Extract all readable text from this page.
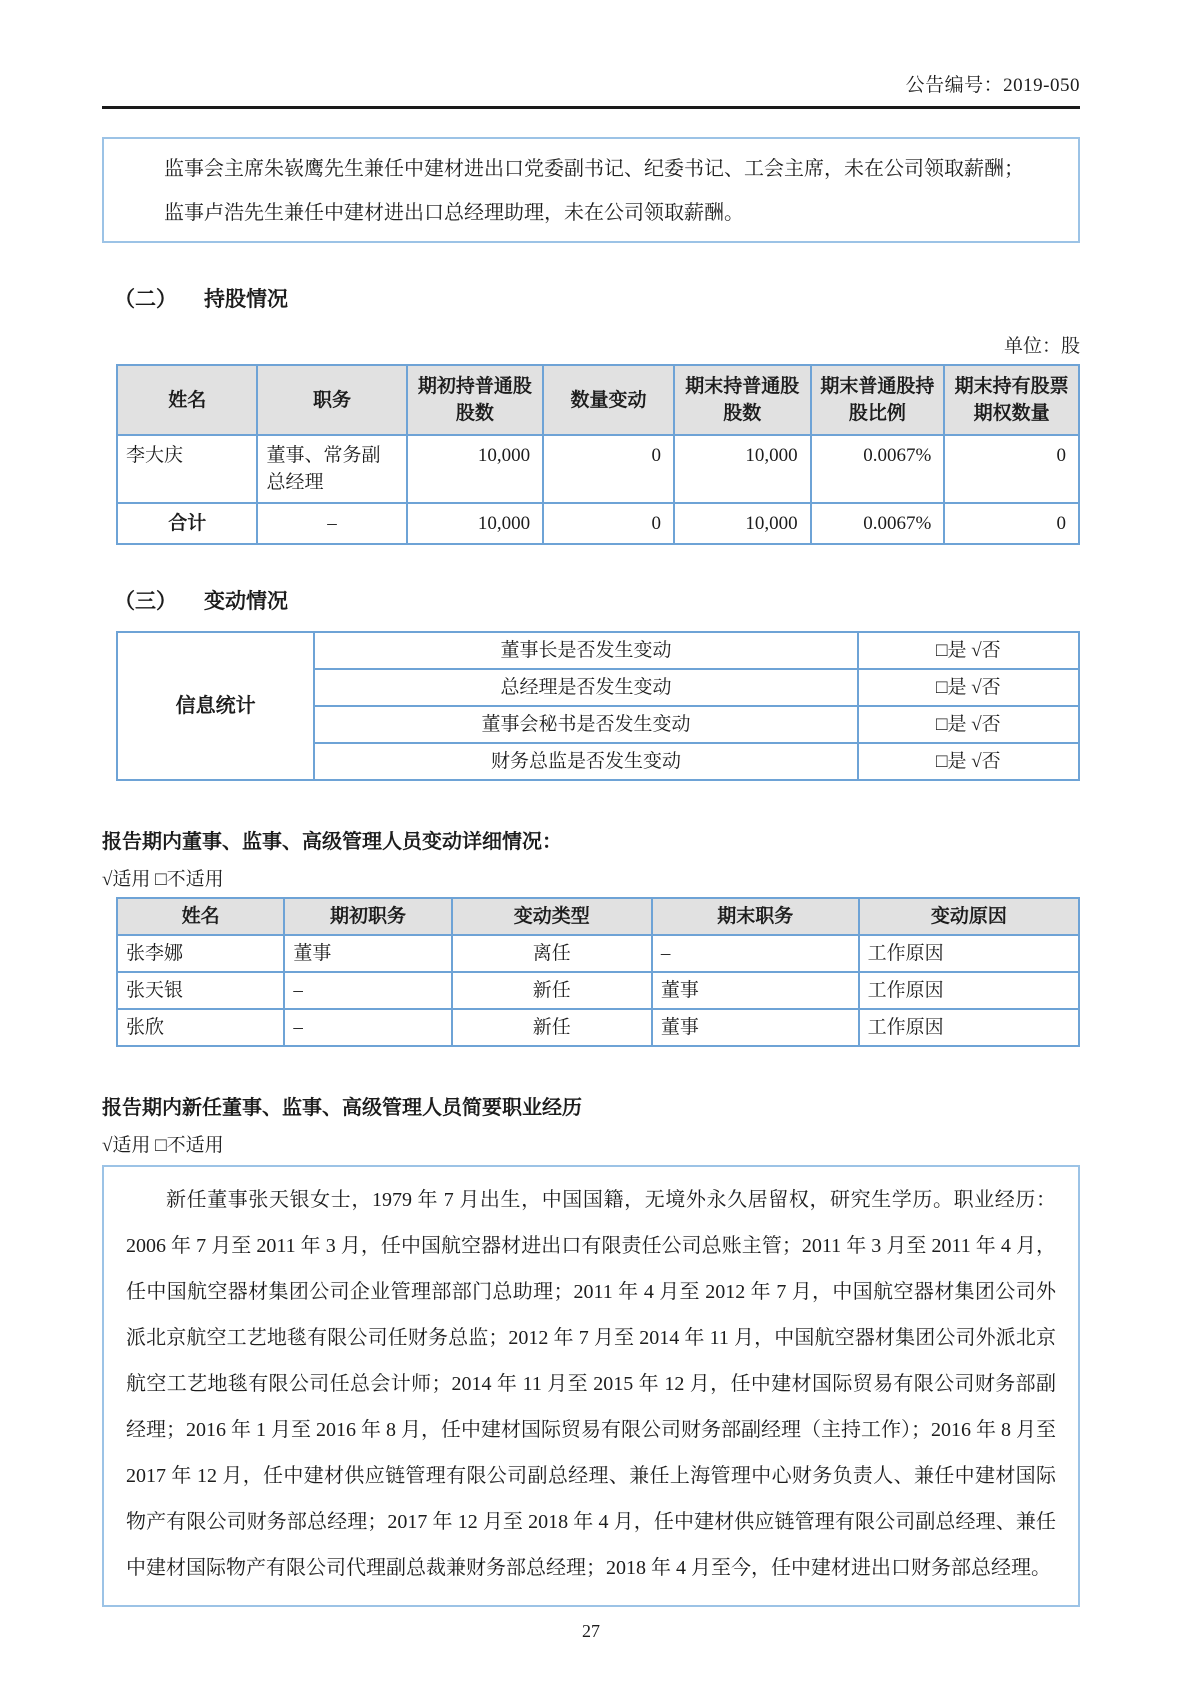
公告编号：2019-050

监事会主席朱嵚鹰先生兼任中建材进出口党委副书记、纪委书记、工会主席，未在公司领取薪酬；

监事卢浩先生兼任中建材进出口总经理助理，未在公司领取薪酬。

（二）	持股情况
单位：股
姓名	职务	期初持普通股股数	数量变动	期末持普通股股数	期末普通股持股比例	期末持有股票期权数量
李大庆	董事、常务副总经理	10,000	0	10,000	0.0067%	0
合计	–	10,000	0	10,000	0.0067%	0
（三）	变动情况
信息统计	董事长是否发生变动	□是 √否
	总经理是否发生变动	□是 √否
	董事会秘书是否发生变动	□是 √否
	财务总监是否发生变动	□是 √否
报告期内董事、监事、高级管理人员变动详细情况：
√适用 □不适用
姓名	期初职务	变动类型	期末职务	变动原因
张李娜	董事	离任	–	工作原因
张天银	–	新任	董事	工作原因
张欣	–	新任	董事	工作原因
报告期内新任董事、监事、高级管理人员简要职业经历
√适用 □不适用

新任董事张天银女士，1979 年 7 月出生，中国国籍，无境外永久居留权，研究生学历。职业经历：2006 年 7 月至 2011 年 3 月，任中国航空器材进出口有限责任公司总账主管；2011 年 3 月至 2011 年 4 月，任中国航空器材集团公司企业管理部部门总助理；2011 年 4 月至 2012 年 7 月，中国航空器材集团公司外派北京航空工艺地毯有限公司任财务总监；2012 年 7 月至 2014 年 11 月，中国航空器材集团公司外派北京航空工艺地毯有限公司任总会计师；2014 年 11 月至 2015 年 12 月，任中建材国际贸易有限公司财务部副经理；2016 年 1 月至 2016 年 8 月，任中建材国际贸易有限公司财务部副经理（主持工作）；2016 年 8 月至 2017 年 12 月，任中建材供应链管理有限公司副总经理、兼任上海管理中心财务负责人、兼任中建材国际物产有限公司财务部总经理；2017 年 12 月至 2018 年 4 月，任中建材供应链管理有限公司副总经理、兼任中建材国际物产有限公司代理副总裁兼财务部总经理；2018 年 4 月至今，任中建材进出口财务部总经理。

27
